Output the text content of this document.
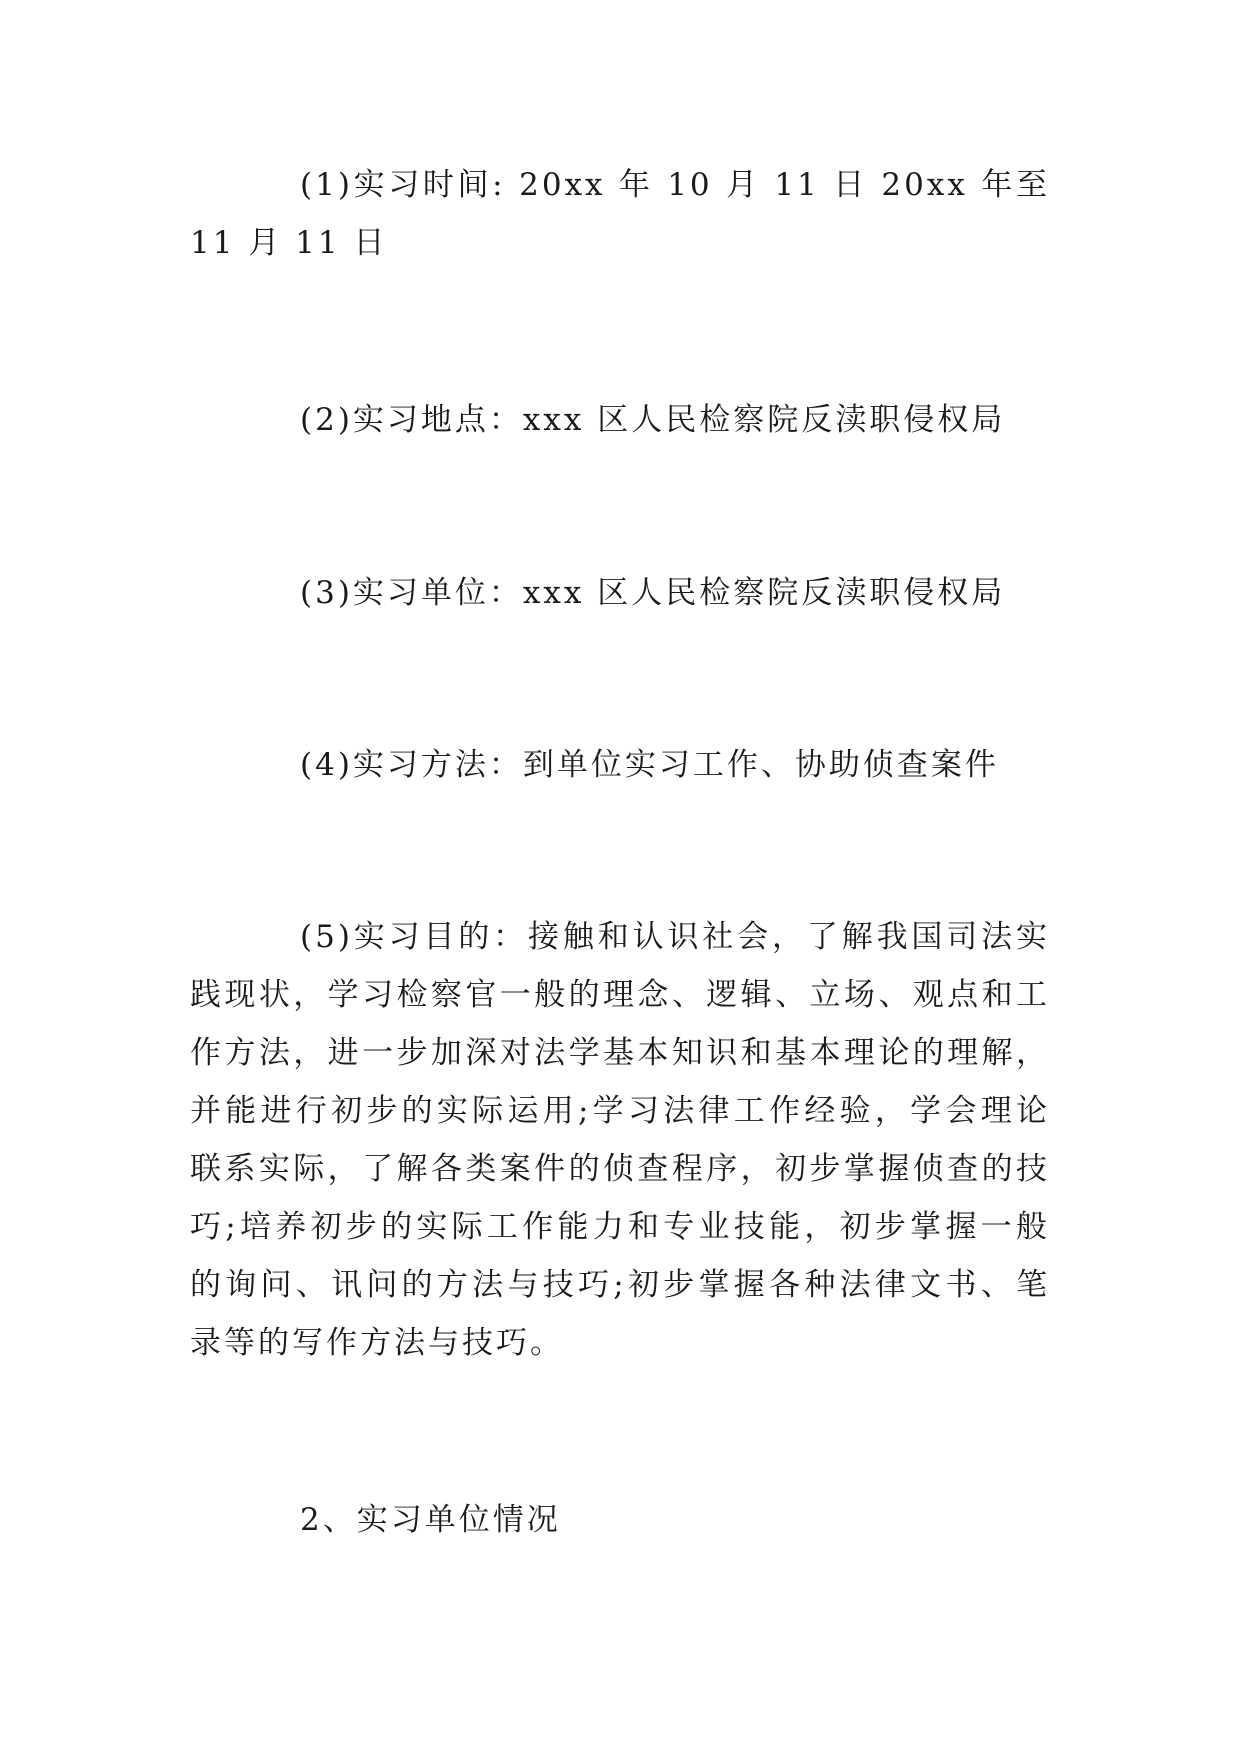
(1)实习时间: 20xx 年 10 月 11 日 20xx 年至 11 月 11 日

(2)实习地点：xxx 区人民检察院反渎职侵权局

(3)实习单位：xxx 区人民检察院反渎职侵权局

(4)实习方法：到单位实习工作、协助侦查案件

(5)实习目的：接触和认识社会，了解我国司法实践现状，学习检察官一般的理念、逻辑、立场、观点和工作方法，进一步加深对法学基本知识和基本理论的理解，并能进行初步的实际运用;学习法律工作经验，学会理论联系实际，了解各类案件的侦查程序，初步掌握侦查的技巧;培养初步的实际工作能力和专业技能，初步掌握一般的询问、讯问的方法与技巧;初步掌握各种法律文书、笔录等的写作方法与技巧。

2、实习单位情况
